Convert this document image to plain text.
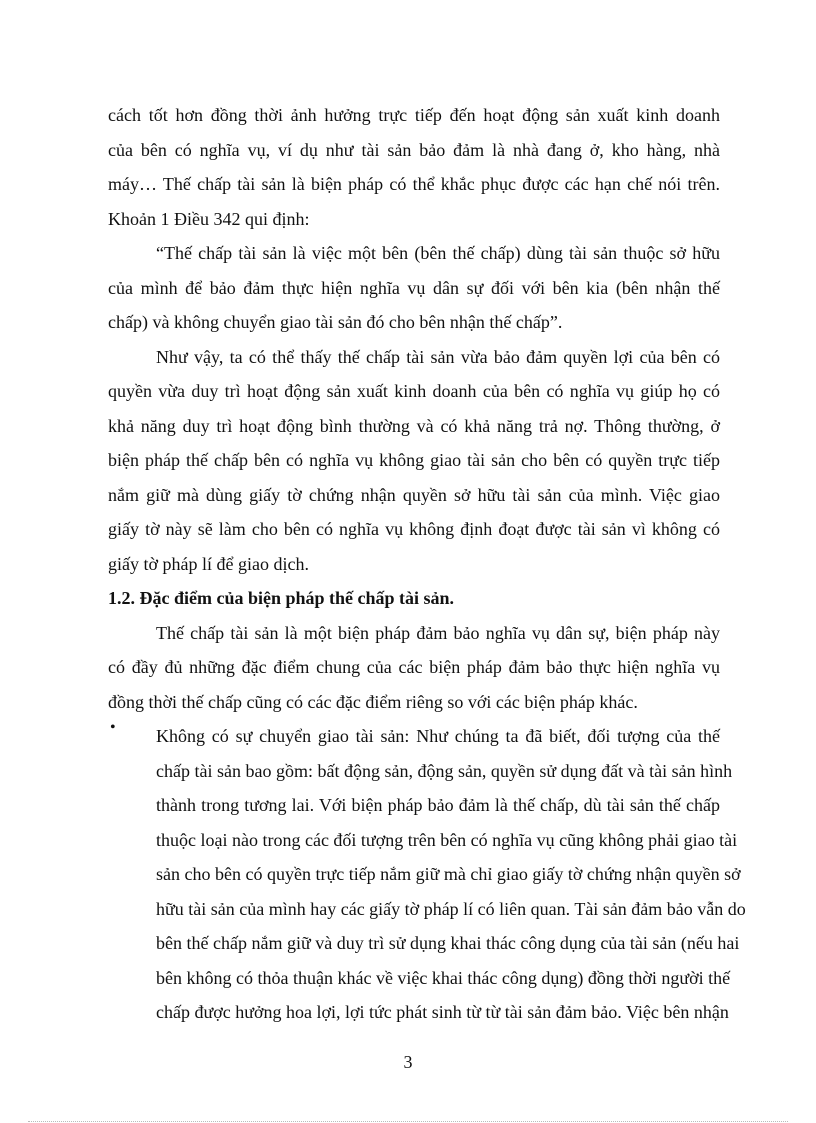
cách tốt hơn đồng thời ảnh hưởng trực tiếp đến hoạt động sản xuất kinh doanh
của bên có nghĩa vụ, ví dụ như tài sản bảo đảm là nhà đang ở, kho hàng, nhà
máy… Thế chấp tài sản là biện pháp có thể khắc phục được các hạn chế nói trên.
Khoản 1 Điều 342 qui định:
“Thế chấp tài sản là việc một bên (bên thế chấp) dùng tài sản thuộc sở hữu
của mình để bảo đảm thực hiện nghĩa vụ dân sự đối với bên kia (bên nhận thế
chấp) và không chuyển giao tài sản đó cho bên nhận thế chấp”.
Như vậy, ta có thể thấy thế chấp tài sản vừa bảo đảm quyền lợi của bên có
quyền vừa duy trì hoạt động sản xuất kinh doanh của bên có nghĩa vụ giúp họ có
khả năng duy trì hoạt động bình thường và có khả năng trả nợ. Thông thường, ở
biện pháp thế chấp bên có nghĩa vụ không giao tài sản cho bên có quyền trực tiếp
nắm giữ mà dùng giấy tờ chứng nhận quyền sở hữu tài sản của mình. Việc giao
giấy tờ này sẽ làm cho bên có nghĩa vụ không định đoạt được tài sản vì không có
giấy tờ pháp lí để giao dịch.
1.2. Đặc điểm của biện pháp thế chấp tài sản.
Thế chấp tài sản là một biện pháp đảm bảo nghĩa vụ dân sự, biện pháp này
có đầy đủ những đặc điểm chung của các biện pháp đảm bảo thực hiện nghĩa vụ
đồng thời thế chấp cũng có các đặc điểm riêng so với các biện pháp khác.
•	Không có sự chuyển giao tài sản: Như chúng ta đã biết, đối tượng của thế
chấp tài sản bao gồm: bất động sản, động sản, quyền sử dụng đất và tài sản hình
thành trong tương lai. Với biện pháp bảo đảm là thế chấp, dù tài sản thế chấp
thuộc loại nào trong các đối tượng trên bên có nghĩa vụ cũng không phải giao tài
sản cho bên có quyền trực tiếp nắm giữ mà chỉ giao giấy tờ chứng nhận quyền sở
hữu tài sản của mình hay các giấy tờ pháp lí có liên quan. Tài sản đảm bảo vẫn do
bên thế chấp nắm giữ và duy trì sử dụng khai thác công dụng của tài sản (nếu hai
bên không có thỏa thuận khác về việc khai thác công dụng) đồng thời người thế
chấp được hưởng hoa lợi, lợi tức phát sinh từ từ tài sản đảm bảo. Việc bên nhận
3
